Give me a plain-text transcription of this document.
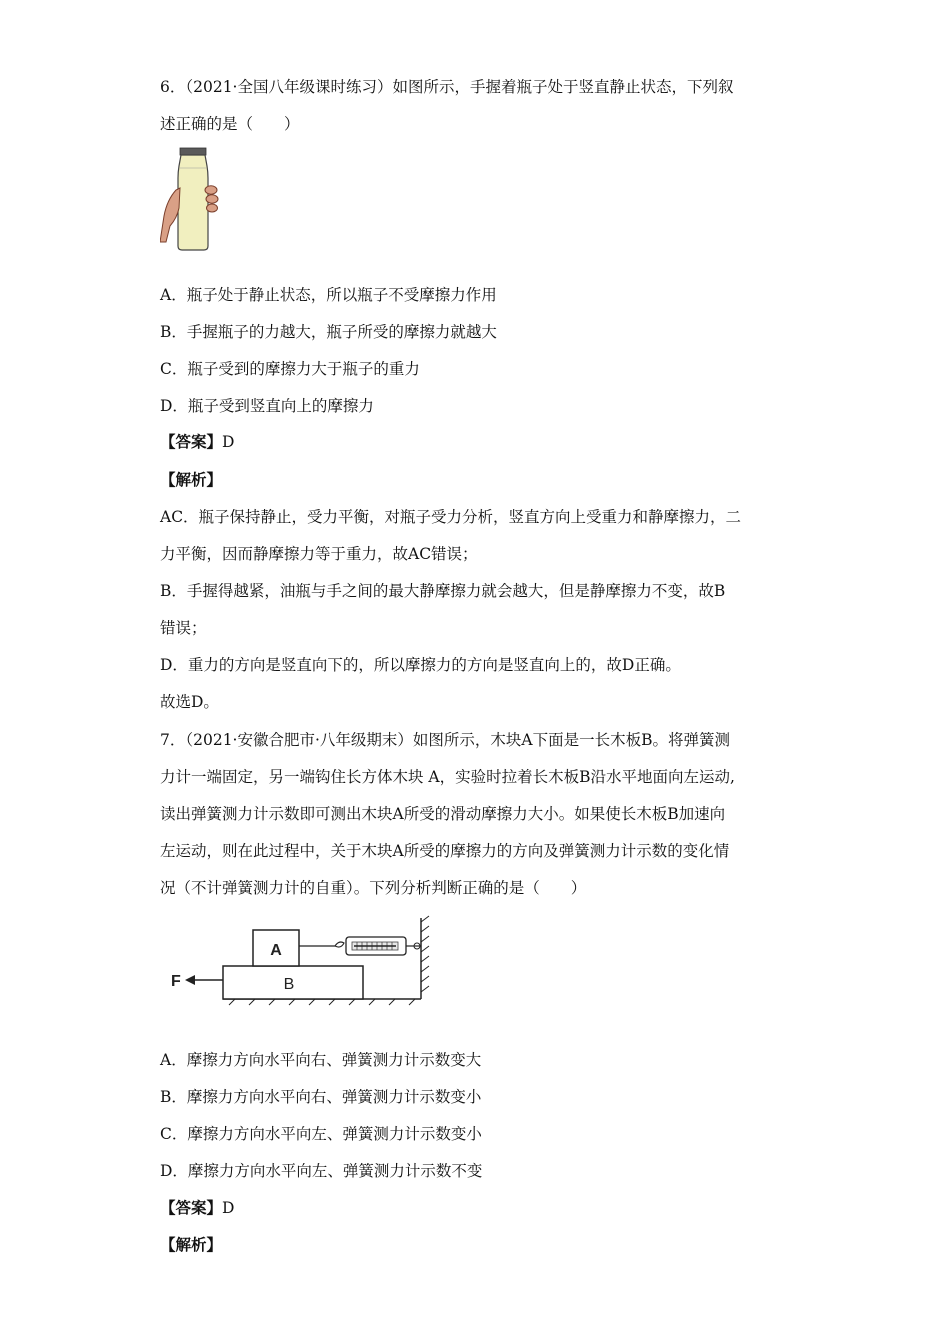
6．（2021·全国八年级课时练习）如图所示，手握着瓶子处于竖直静止状态，下列叙
述正确的是（　　）
A．瓶子处于静止状态，所以瓶子不受摩擦力作用
B．手握瓶子的力越大，瓶子所受的摩擦力就越大
C．瓶子受到的摩擦力大于瓶子的重力
D．瓶子受到竖直向上的摩擦力
【答案】D
【解析】
AC．瓶子保持静止，受力平衡，对瓶子受力分析，竖直方向上受重力和静摩擦力，二
力平衡，因而静摩擦力等于重力，故AC错误；
B．手握得越紧，油瓶与手之间的最大静摩擦力就会越大，但是静摩擦力不变，故B
错误；
D．重力的方向是竖直向下的，所以摩擦力的方向是竖直向上的，故D正确。
故选D。
7．（2021·安徽合肥市·八年级期末）如图所示，木块A下面是一长木板B。将弹簧测
力计一端固定，另一端钩住长方体木块 A，实验时拉着长木板B沿水平地面向左运动,
读出弹簧测力计示数即可测出木块A所受的滑动摩擦力大小。如果使长木板B加速向
左运动，则在此过程中，关于木块A所受的摩擦力的方向及弹簧测力计示数的变化情
况（不计弹簧测力计的自重）。下列分析判断正确的是（　　）
B
A
F
A．摩擦力方向水平向右、弹簧测力计示数变大
B．摩擦力方向水平向右、弹簧测力计示数变小
C．摩擦力方向水平向左、弹簧测力计示数变小
D．摩擦力方向水平向左、弹簧测力计示数不变
【答案】D
【解析】
